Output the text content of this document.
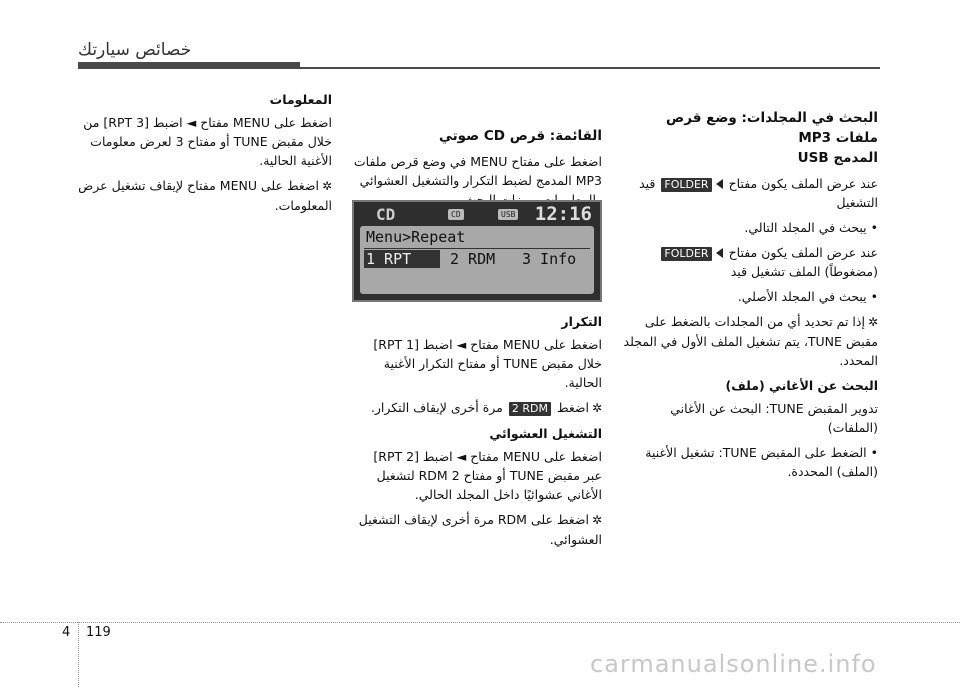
خصائص سيارتك
البحث في المجلدات: وضع قرص ملفات MP3
المدمج USB

عند عرض الملف يكون مفتاح FOLDER قيد التشغيل

• يبحث في المجلد التالي.

عند عرض الملف يكون مفتاح FOLDER (مضغوطاً) الملف تشغيل قيد

• يبحث في المجلد الأصلي.

✲إذا تم تحديد أي من المجلدات بالضغط على مقبض TUNE، يتم تشغيل الملف الأول في المجلد المحدد.

البحث عن الأغاني (ملف)

تدوير المقبض TUNE: البحث عن الأغاني (الملفات)

• الضغط على المقبض TUNE: تشغيل الأغنية (الملف) المحددة.

القائمة: قرص CD صوتي

اضغط على مفتاح MENU في وضع قرص ملفات MP3 المدمج لضبط التكرار والتشغيل العشوائي

CD	CD	USB 12:16
Menu>Repeat
1 RPT	2 RDM 3 Info
التكرار

اضغط على MENU مفتاح ◄ اضبط [1 RPT] خلال مقبض TUNE أو مفتاح التكرار الأغنية الحالية.

✲اضغط 2 RDM مرة أخرى لإيقاف التكرار.

التشغيل العشوائي

اضغط على MENU مفتاح ◄ اضبط [2 RPT] عبر مقبض TUNE أو مفتاح 2 RDM لتشغيل الأغاني عشوائيًا داخل المجلد الحالي.

✲اضغط على RDM مرة أخرى لإيقاف التشغيل العشوائي.

المعلومات

اضغط على MENU مفتاح ◄ اضبط [3 RPT] من خلال مقبض TUNE أو مفتاح 3 لعرض معلومات الأغنية الحالية.

✲اضغط على MENU مفتاح لإيقاف تشغيل عرض المعلومات.

4 119
carmanualsonline.info
